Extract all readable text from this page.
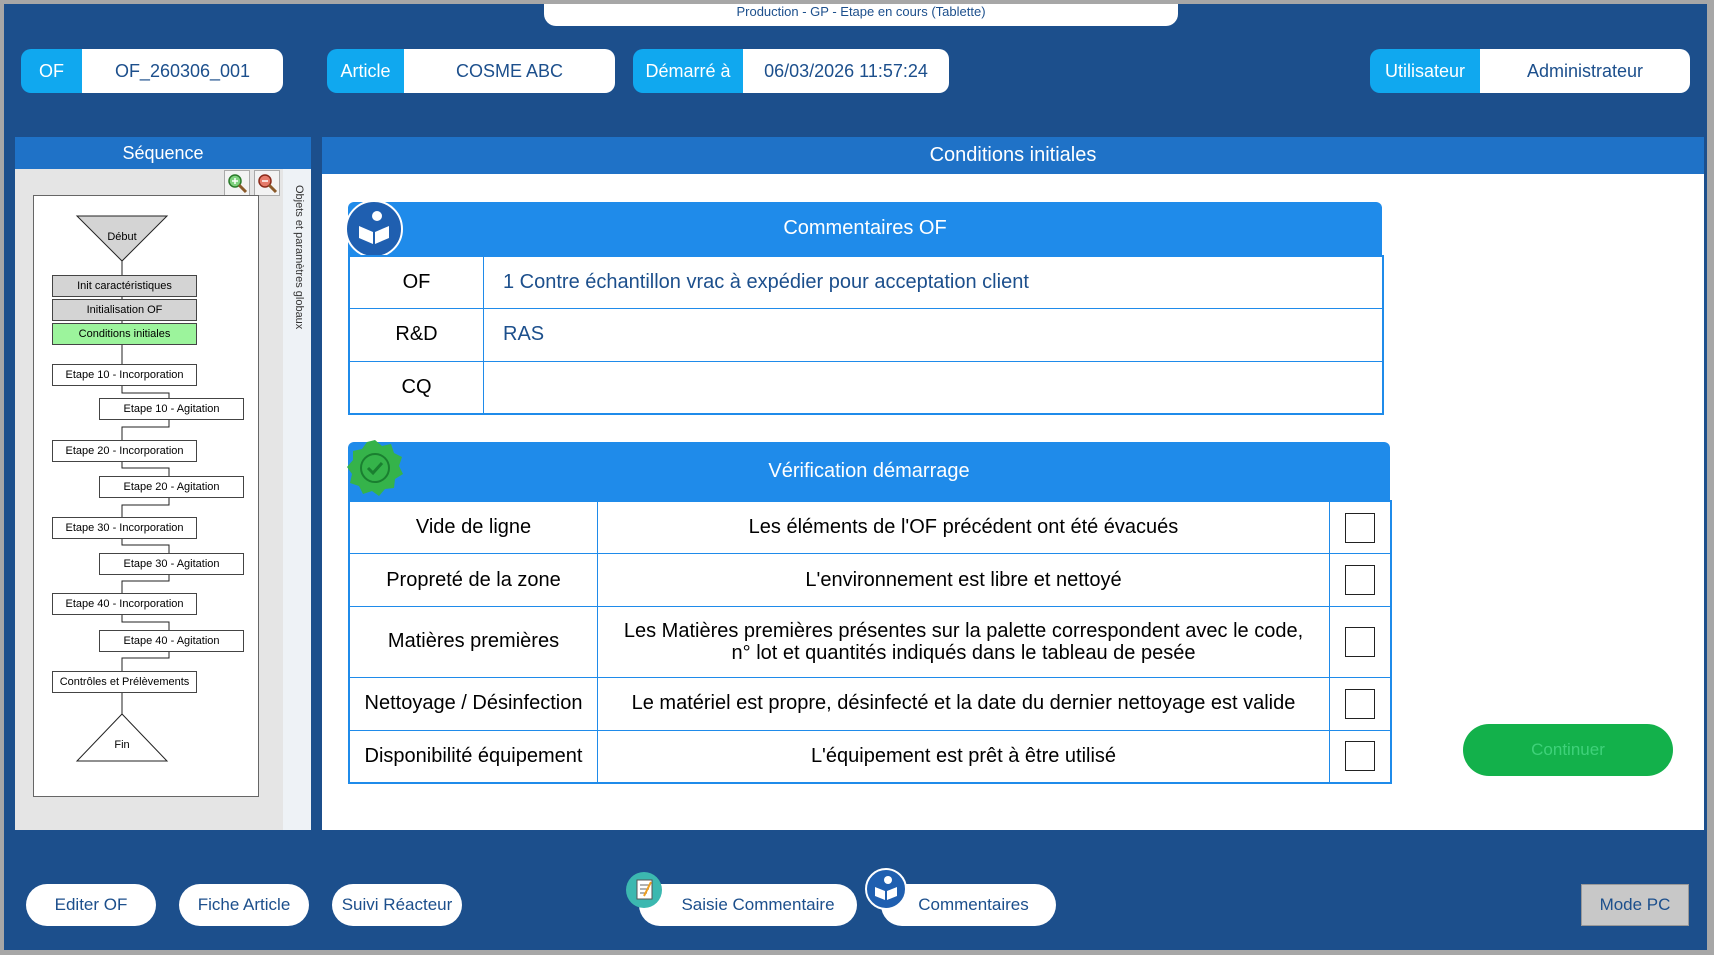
Production - GP - Etape en cours (Tablette)
OF	OF_260306_001	Article	COSME ABC	Démarré à	06/03/2026 11:57:24	Utilisateur	Administrateur
Séquence
Objets et paramètres globaux
Début
Fin
Init caractéristiques
Initialisation OF
Conditions initiales
Etape 10 - Incorporation
Etape 10 - Agitation
Etape 20 - Incorporation
Etape 20 - Agitation
Etape 30 - Incorporation
Etape 30 - Agitation
Etape 40 - Incorporation
Etape 40 - Agitation
Contrôles et Prélèvements
Conditions initiales
Commentaires OF
OF	1 Contre échantillon vrac à expédier pour acceptation client
R&D	RAS
CQ	
Vérification démarrage
Vide de ligne	Les éléments de l'OF précédent ont été évacués	

Propreté de la zone	L'environnement est libre et nettoyé	

Matières premières	Les Matières premières présentes sur la palette correspondent avec le code, n° lot et quantités indiqués dans le tableau de pesée	

Nettoyage / Désinfection	Le matériel est propre, désinfecté et la date du dernier nettoyage est valide	

Disponibilité équipement	L'équipement est prêt à être utilisé		Continuer
Editer OF	Fiche Article	Suivi Réacteur	Saisie Commentaire	Commentaires	Mode PC
